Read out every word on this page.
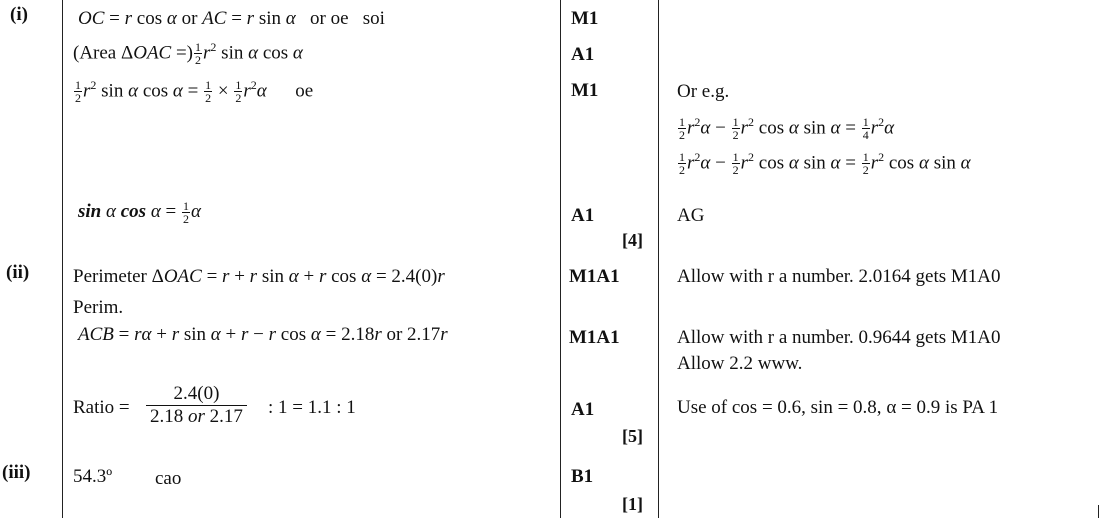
(i)
(ii)
(iii)
OC = r cos α or AC = r sin α or oe soi
(Area ΔOAC =) $\frac{1}{2} r^2$ sin α cos α
$\frac{1}{2} r^2$ sin α $\cos \alpha = \frac{1}{2} \times \frac{1}{2} r^2\alpha$ oe
sin α $\cos \alpha = \frac{1}{2}$ α
Perimeter ΔOAC = r + r sin α + r cos α = 2.4(0)r
Perim.
ACB = rα + r sin α + r − r cos α = 2.18r or 2.17r
Ratio =
2.4(0)
2.18 or 2.17 : 1 = 1.1 : 1
54.3º cao
M1
A1
M1
A1
[4]
M1A1
M1A1
A1
[5]
B1
[1]
Or e.g.
$\frac{1}{2} r^2\alpha - \frac{1}{2} r^2$ cos α $\sin \alpha = \frac{1}{4} r^2\alpha$
$\frac{1}{2} r^2\alpha - \frac{1}{2} r^2$ cos α $\sin \alpha = \frac{1}{2} r^2$ cos α sin α
AG
Allow with r a number. 2.0164 gets M1A0
Allow with r a number. 0.9644 gets M1A0
Allow 2.2 www.
Use of cos = 0.6, sin = 0.8, α = 0.9 is PA 1
